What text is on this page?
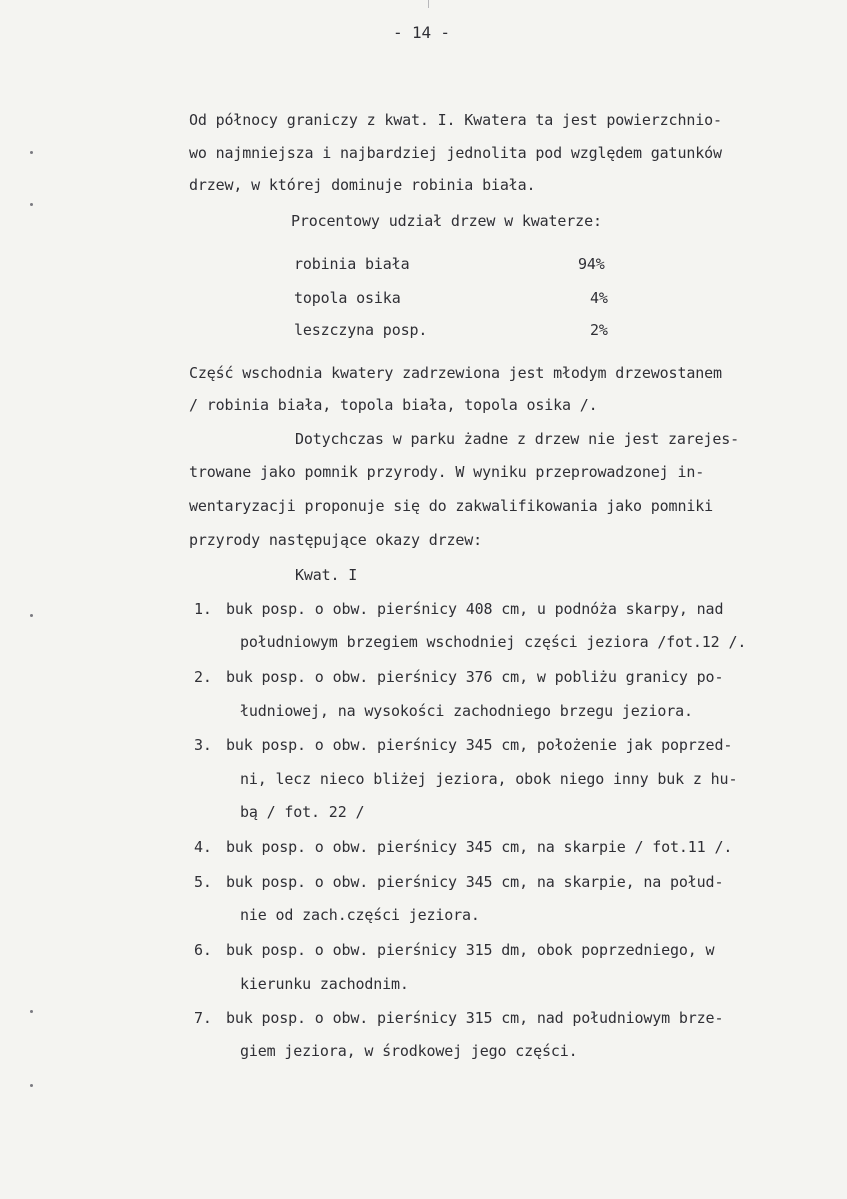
- 14 -
Od północy graniczy z kwat. I. Kwatera ta jest powierzchnio-
wo najmniejsza i najbardziej jednolita pod względem gatunków
drzew, w której dominuje robinia biała.
Procentowy udział drzew w kwaterze:
robinia biała	94%
topola osika	4%
leszczyna posp.	2%
Część wschodnia kwatery zadrzewiona jest młodym drzewostanem
/ robinia biała, topola biała, topola osika /.
Dotychczas w parku żadne z drzew nie jest zarejes-
trowane jako pomnik przyrody. W wyniku przeprowadzonej in-
wentaryzacji proponuje się do zakwalifikowania jako pomniki
przyrody następujące okazy drzew:
Kwat. I
1. buk posp. o obw. pierśnicy 408 cm, u podnóża skarpy, nad
południowym brzegiem wschodniej części jeziora /fot.12 /.
2. buk posp. o obw. pierśnicy 376 cm, w pobliżu granicy po-
łudniowej, na wysokości zachodniego brzegu jeziora.
3. buk posp. o obw. pierśnicy 345 cm, położenie jak poprzed-
ni, lecz nieco bliżej jeziora, obok niego inny buk z hu-
bą / fot. 22 /
4. buk posp. o obw. pierśnicy 345 cm, na skarpie / fot.11 /.
5. buk posp. o obw. pierśnicy 345 cm, na skarpie, na połud-
nie od zach.części jeziora.
6. buk posp. o obw. pierśnicy 315 dm, obok poprzedniego, w
kierunku zachodnim.
7. buk posp. o obw. pierśnicy 315 cm, nad południowym brze-
giem jeziora, w środkowej jego części.
